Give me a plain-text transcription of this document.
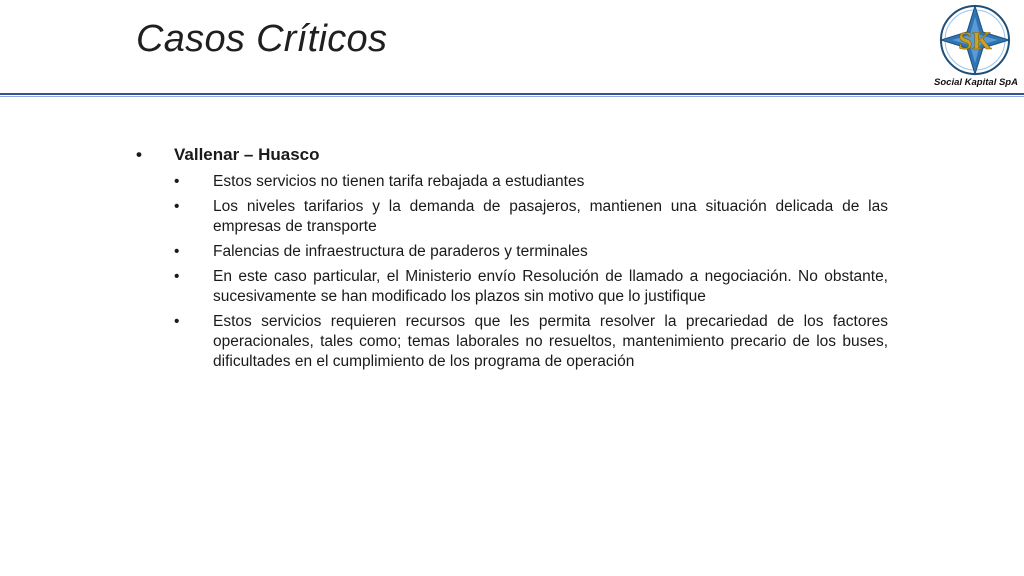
Casos Críticos	SK
Social Kapital SpA
• Vallenar – Huasco
• Estos servicios no tienen tarifa rebajada a estudiantes
• Los niveles tarifarios y la demanda de pasajeros, mantienen una situación delicada de las empresas de transporte
• Falencias de infraestructura de paraderos y terminales
• En este caso particular, el Ministerio envío Resolución de llamado a negociación. No obstante, sucesivamente se han modificado los plazos sin motivo que lo justifique
• Estos servicios requieren recursos que les permita resolver la precariedad de los factores operacionales, tales como; temas laborales no resueltos, mantenimiento precario de los buses, dificultades en el cumplimiento de los programa de operación
